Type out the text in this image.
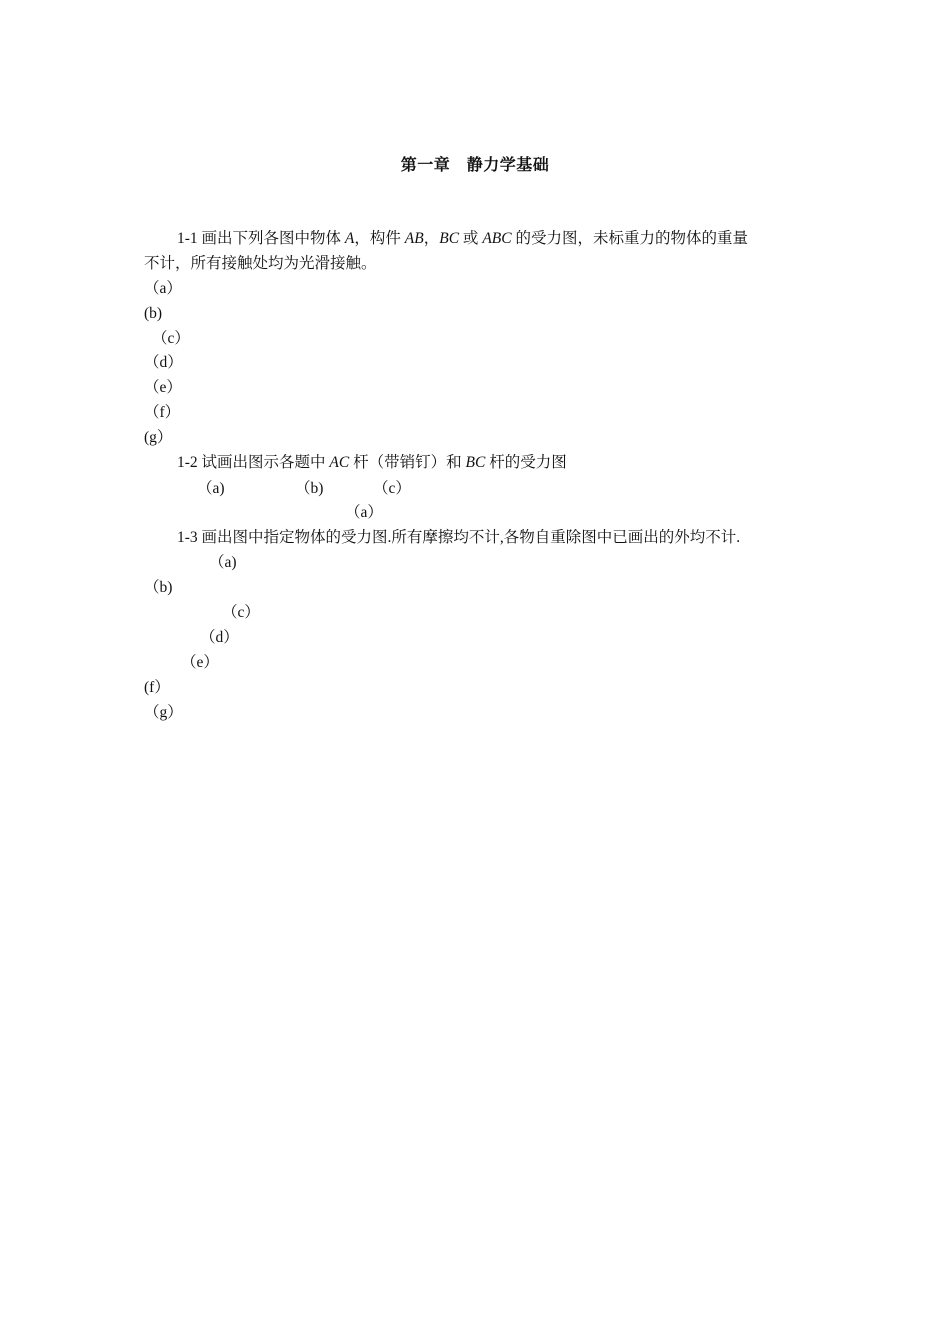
第一章　静力学基础
1-1 画出下列各图中物体 A，构件 AB，BC 或 ABC 的受力图，未标重力的物体的重量
不计，所有接触处均为光滑接触。
（a）
(b)
（c）
（d）
（e）
（f）
(g）
1-2 试画出图示各题中 AC 杆（带销钉）和 BC 杆的受力图
（a)	（b)	（c）
（a）
1-3 画出图中指定物体的受力图.所有摩擦均不计,各物自重除图中已画出的外均不计.
（a)
（b)
（c）
（d）
（e）
(f）
（g）
